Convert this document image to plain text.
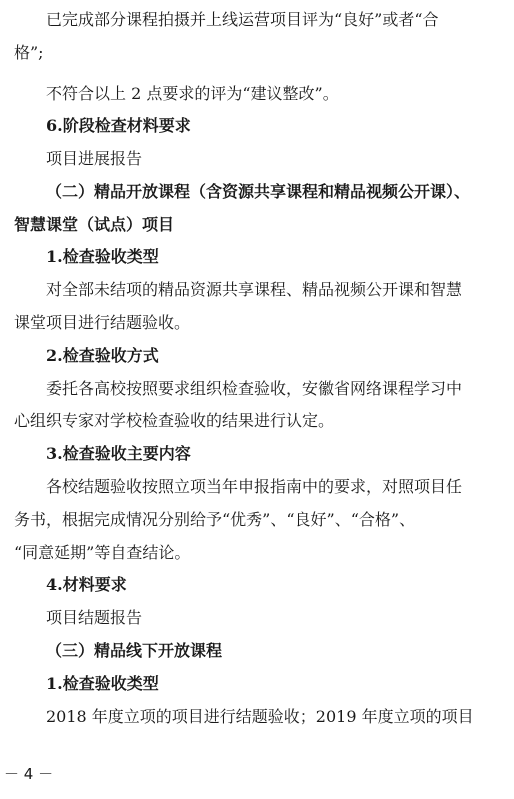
已完成部分课程拍摄并上线运营项目评为“良好”或者“合
格”;
不符合以上 2 点要求的评为“建议整改”。
6.阶段检查材料要求
项目进展报告
（二）精品开放课程（含资源共享课程和精品视频公开课）、
智慧课堂（试点）项目
1.检查验收类型
对全部未结项的精品资源共享课程、精品视频公开课和智慧
课堂项目进行结题验收。
2.检查验收方式
委托各高校按照要求组织检查验收，安徽省网络课程学习中
心组织专家对学校检查验收的结果进行认定。
3.检查验收主要内容
各校结题验收按照立项当年申报指南中的要求，对照项目任
务书，根据完成情况分别给予“优秀”、“良好”、“合格”、
“同意延期”等自查结论。
4.材料要求
项目结题报告
（三）精品线下开放课程
1.检查验收类型
2018 年度立项的项目进行结题验收；2019 年度立项的项目
－ 4 －
